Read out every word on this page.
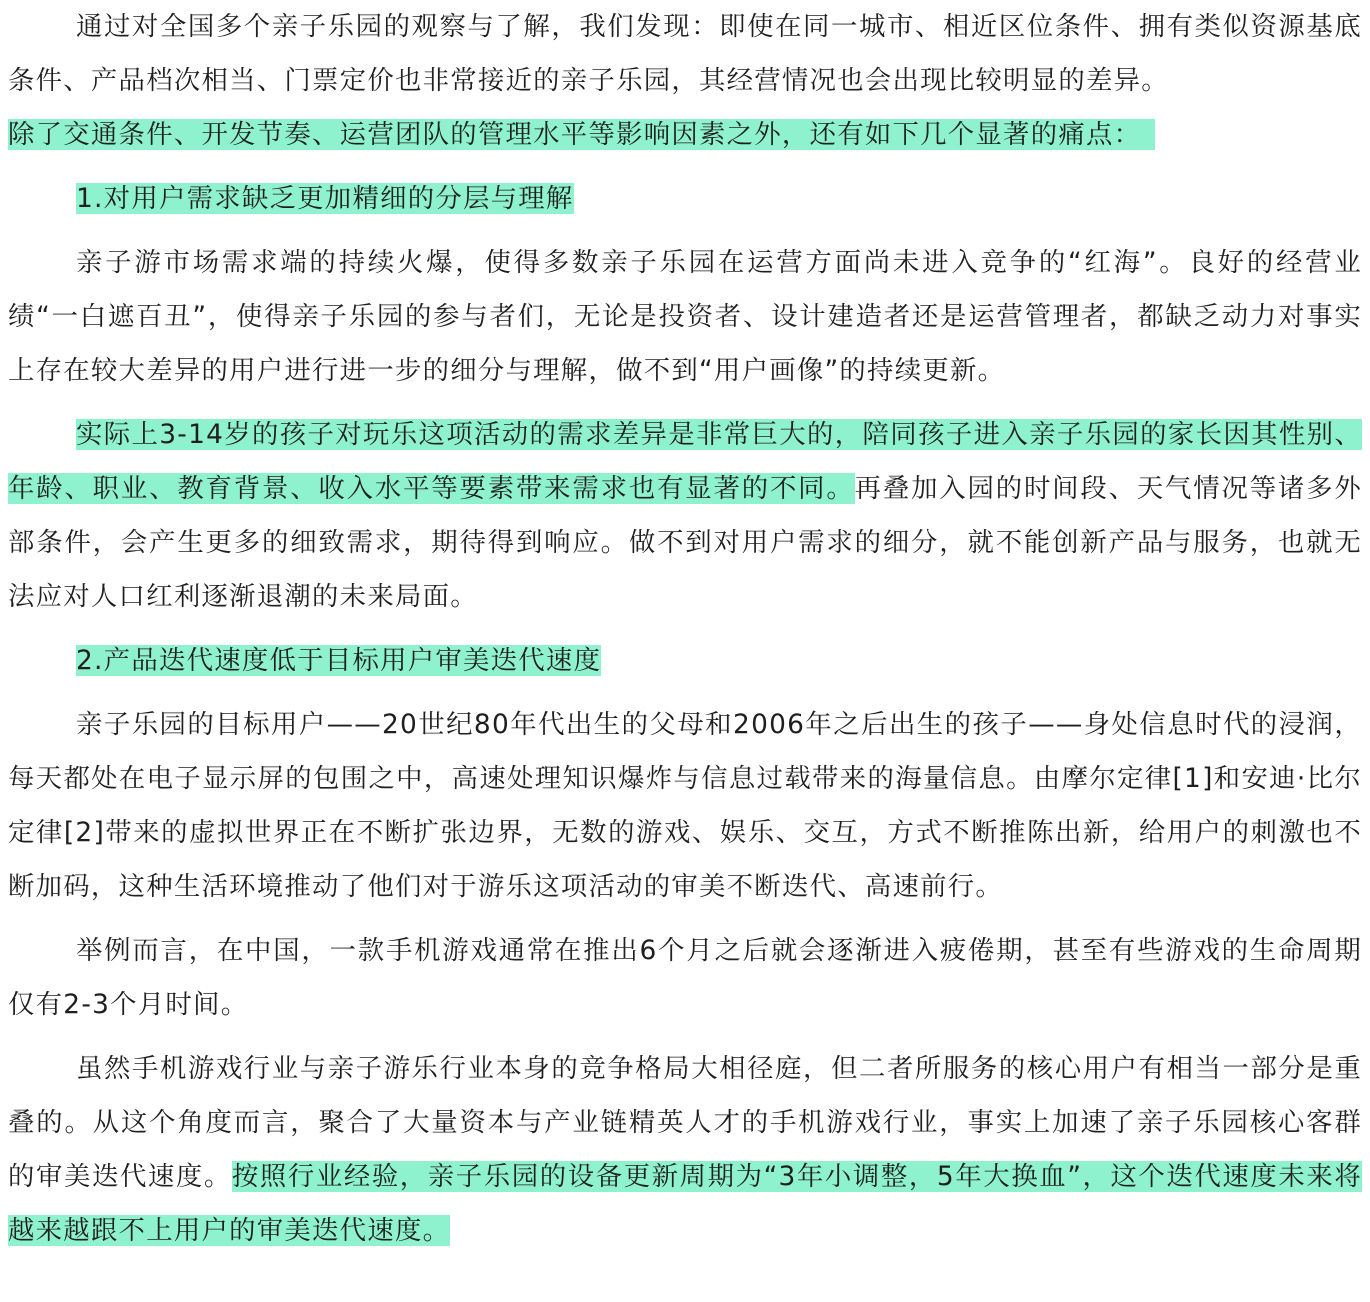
通过对全国多个亲子乐园的观察与了解，我们发现：即使在同一城市、相近区位条件、拥有类似资源基底条件、产品档次相当、门票定价也非常接近的亲子乐园，其经营情况也会出现比较明显的差异。

除了交通条件、开发节奏、运营团队的管理水平等影响因素之外，还有如下几个显著的痛点：

1.对用户需求缺乏更加精细的分层与理解

亲子游市场需求端的持续火爆，使得多数亲子乐园在运营方面尚未进入竞争的“红海”。良好的经营业绩“一白遮百丑”，使得亲子乐园的参与者们，无论是投资者、设计建造者还是运营管理者，都缺乏动力对事实上存在较大差异的用户进行进一步的细分与理解，做不到“用户画像”的持续更新。

实际上3-14岁的孩子对玩乐这项活动的需求差异是非常巨大的，陪同孩子进入亲子乐园的家长因其性别、年龄、职业、教育背景、收入水平等要素带来需求也有显著的不同。再叠加入园的时间段、天气情况等诸多外部条件，会产生更多的细致需求，期待得到响应。做不到对用户需求的细分，就不能创新产品与服务，也就无法应对人口红利逐渐退潮的未来局面。

2.产品迭代速度低于目标用户审美迭代速度

亲子乐园的目标用户——20世纪80年代出生的父母和2006年之后出生的孩子——身处信息时代的浸润，每天都处在电子显示屏的包围之中，高速处理知识爆炸与信息过载带来的海量信息。由摩尔定律[1]和安迪·比尔定律[2]带来的虚拟世界正在不断扩张边界，无数的游戏、娱乐、交互，方式不断推陈出新，给用户的刺激也不断加码，这种生活环境推动了他们对于游乐这项活动的审美不断迭代、高速前行。

举例而言，在中国，一款手机游戏通常在推出6个月之后就会逐渐进入疲倦期，甚至有些游戏的生命周期仅有2-3个月时间。

虽然手机游戏行业与亲子游乐行业本身的竞争格局大相径庭，但二者所服务的核心用户有相当一部分是重叠的。从这个角度而言，聚合了大量资本与产业链精英人才的手机游戏行业，事实上加速了亲子乐园核心客群的审美迭代速度。按照行业经验，亲子乐园的设备更新周期为“3年小调整，5年大换血”，这个迭代速度未来将越来越跟不上用户的审美迭代速度。
